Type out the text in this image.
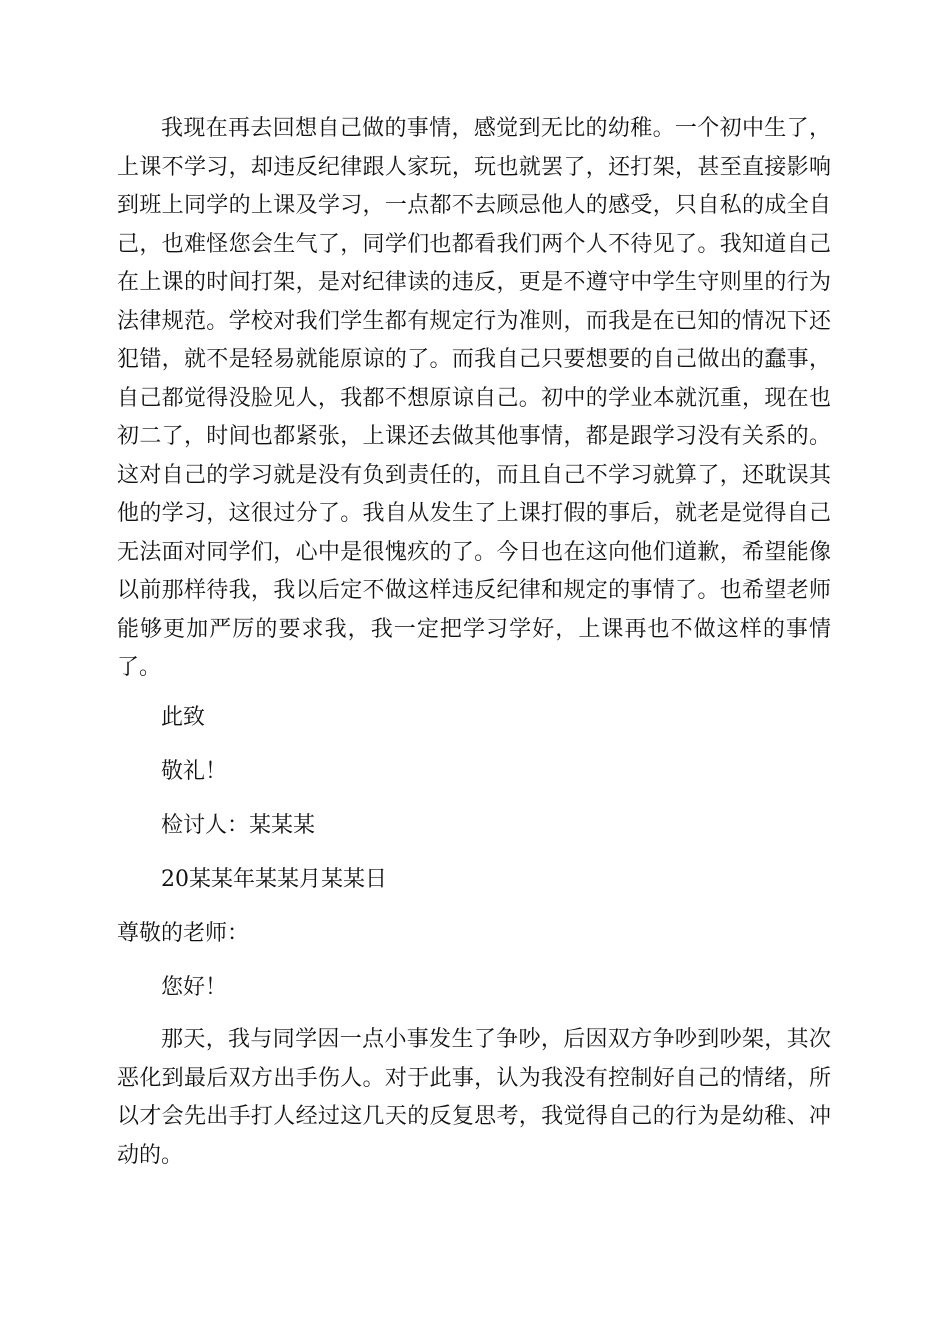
我现在再去回想自己做的事情，感觉到无比的幼稚。一个初中生了，上课不学习，却违反纪律跟人家玩，玩也就罢了，还打架，甚至直接影响到班上同学的上课及学习，一点都不去顾忌他人的感受，只自私的成全自己，也难怪您会生气了，同学们也都看我们两个人不待见了。我知道自己在上课的时间打架，是对纪律读的违反，更是不遵守中学生守则里的行为法律规范。学校对我们学生都有规定行为准则，而我是在已知的情况下还犯错，就不是轻易就能原谅的了。而我自己只要想要的自己做出的蠢事，自己都觉得没脸见人，我都不想原谅自己。初中的学业本就沉重，现在也初二了，时间也都紧张，上课还去做其他事情，都是跟学习没有关系的。这对自己的学习就是没有负到责任的，而且自己不学习就算了，还耽误其他的学习，这很过分了。我自从发生了上课打假的事后，就老是觉得自己无法面对同学们，心中是很愧疚的了。今日也在这向他们道歉，希望能像以前那样待我，我以后定不做这样违反纪律和规定的事情了。也希望老师能够更加严厉的要求我，我一定把学习学好，上课再也不做这样的事情了。

此致

敬礼！

检讨人：某某某

20某某年某某月某某日

尊敬的老师：

您好！

那天，我与同学因一点小事发生了争吵，后因双方争吵到吵架，其次恶化到最后双方出手伤人。对于此事，认为我没有控制好自己的情绪，所以才会先出手打人经过这几天的反复思考，我觉得自己的行为是幼稚、冲动的。
